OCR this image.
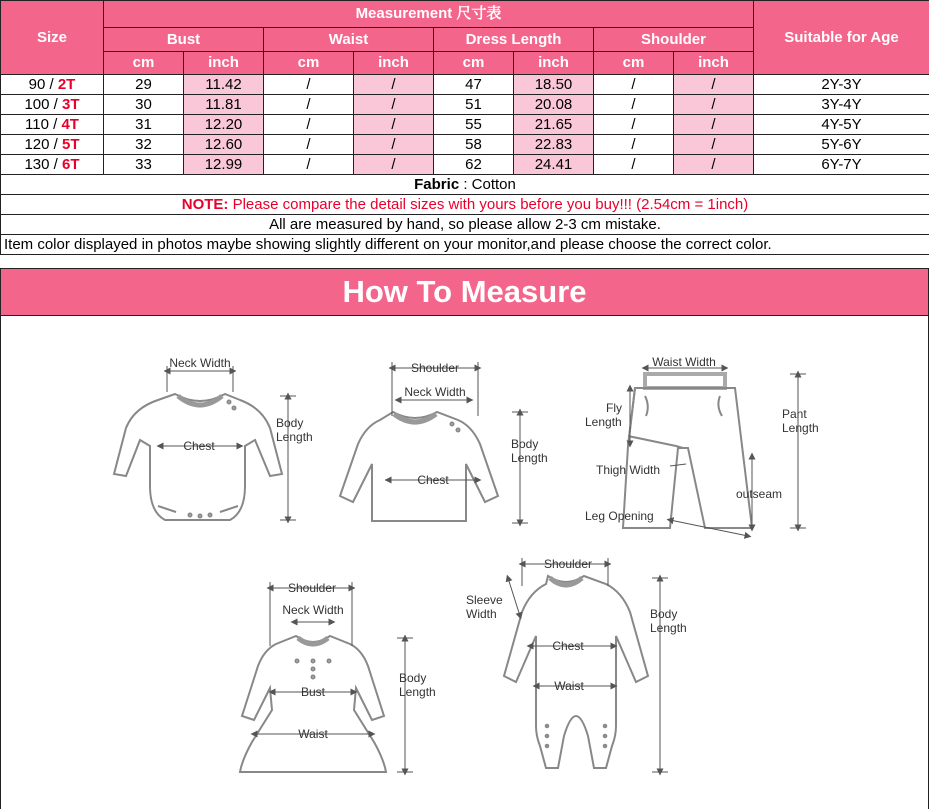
Size	Measurement 尺寸表								Suitable for Age
	Bust		Waist		Dress Length		Shoulder		
	cm	inch	cm	inch	cm	inch	cm	inch	
90 / 2T	29	11.42	/	/	47	18.50	/	/	2Y-3Y
100 / 3T	30	11.81	/	/	51	20.08	/	/	3Y-4Y
110 / 4T	31	12.20	/	/	55	21.65	/	/	4Y-5Y
120 / 5T	32	12.60	/	/	58	22.83	/	/	5Y-6Y
130 / 6T	33	12.99	/	/	62	24.41	/	/	6Y-7Y
Fabric : Cotton									
NOTE: Please compare the detail sizes with yours before you buy!!! (2.54cm = 1inch)									
All are measured by hand, so please allow 2-3 cm mistake.									
Item color displayed in photos maybe showing slightly different on your monitor,and please choose the correct color.									
How To Measure
Neck Width
Chest
Body
Length
Shoulder
Neck Width
Chest
Body
Length
Waist Width
Fly
Length
Pant
Length
Thigh Width
outseam
Leg Opening
Shoulder
Neck Width
Bust
Waist
Body
Length
Shoulder
Sleeve
Width
Chest
Waist
Body
Length
